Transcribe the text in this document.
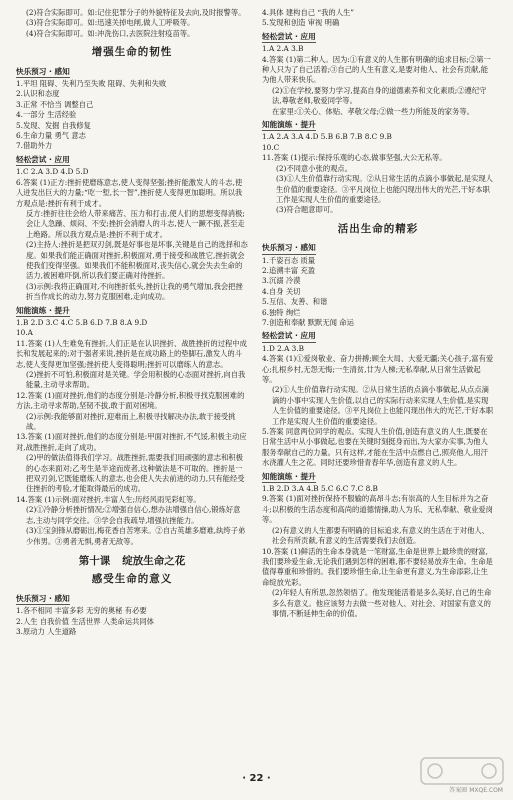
(2)符合实际即可。如:记住犯罪分子的外貌特征及去向,及时报警等。

(3)符合实际即可。如:迅速关掉电闸,做人工呼吸等。

(4)符合实际即可。如:冲洗伤口,去医院注射疫苗等。

增强生命的韧性
快乐预习 · 感知

1.平坦 阻碍、失利乃至失败 阻碍、失利和失败

2.认识和态度

3.正常 不恰当 调整自己

4.一部分 生活经验

5.发现、发掘 自我修复

6.生命力量 勇气 意志

7.借助外力

轻松尝试 · 应用

1.C 2.A 3.D 4.D 5.D

6.答案 (1)正方:挫折使磨练意志,使人变得坚强;挫折能激发人的斗志,使人迸发出巨大的力量;“吃一堑,长一智”,挫折使人变得更加聪明。所以我方观点是:挫折有利于成才。

反方:挫折往往会给人带来痛苦、压力和打击,使人们的思想变得消极;会让人急躁、烦闷、不安;挫折会消磨人的斗志,使人一蹶不振,甚至走上绝路。所以我方观点是:挫折不利于成才。

(2)主持人:挫折是把双刃剑,既是好事也是坏事,关键是自己的选择和态度。如果我们能正确面对挫折,积极面对,勇于接受和战胜它,挫折就会使我们变得坚强。如果我们不能积极面对,丧失信心,就会失去生命的活力,被困难吓倒,所以我们要正确对待挫折。

(3)示例:我将正确面对,不向挫折低头,挫折让我的勇气增加,我会把挫折当作成长的动力,努力克服困难,走向成功。

知能演练 · 提升

1.B 2.D 3.C 4.C 5.B 6.D 7.B 8.A 9.D

10.A

11.答案 (1)人生难免有挫折,人们正是在认识挫折、战胜挫折的过程中成长和发展起来的;对于强者来说,挫折是在成功路上的垫脚石,激发人的斗志,使人变得更加坚强;挫折使人变得聪明;挫折可以磨练人的意志。

(2)挫折不可怕,积极面对是关键。学会用积极的心态面对挫折,向自我能量,主动寻求帮助。

12.答案 (1)面对挫折,他们的态度分别是:冷静分析,积极寻找克服困难的方法,主动寻求帮助,坚韧不拔,敢于面对困境。

(2)示例:我能够面对挫折,迎难而上,积极寻找解决办法,敢于接受挑战。

13.答案 (1)面对挫折,他们的态度分别是:甲面对挫折,不气馁,积极主动应对,战胜挫折,走向了成功。

(2)甲的做法值得我们学习。战胜挫折,需要我们用顽强的意志和积极的心态来面对;乙考生是半途而废者,这种做法是不可取的。挫折是一把双刃剑,它既能磨炼人的意志,也会使人失去前进的动力,只有能经受住挫折的考验,才能取得最后的成功。

14.答案 (1)示例:面对挫折,丰富人生;历经风雨见彩虹等。

(2)①冷静分析挫折情况;②增强自信心,想办法增强自信心,锻炼好意志,主动与同学交往。③学会自我疏导,增强抗挫能力。

(3)①宝剑锋从磨砺出,梅花香自苦寒来。②自古英雄多磨难,纨绔子弟少伟男。③勇者无惧,勇者无敌等。

第十课 绽放生命之花
感受生命的意义
快乐预习 · 感知

1.各不相同 丰富多彩 无穷的奥秘 有必要

2.人生 自我价值 生活世界 人类命运共同体

3.原动力 人生道路

4.具体 建构自己 “我的人生”

5.发现和创造 审视 明确

轻松尝试 · 应用

1.A 2.A 3.B

4.答案 (1)第二种人。因为:①有意义的人生都有明确的追求目标;②第一种人只为了自己活着;③自己的人生有意义,是要对他人、社会有贡献,能为他人带来快乐。

(2)①在学校,要努力学习,提高自身的道德素养和文化素质;②遵纪守法,尊敬老师,敬爱同学等。

在家里:①关心、体贴、孝敬父母;②做一些力所能及的家务等。

知能演练 · 提升

1.A 2.A 3.A 4.D 5.B 6.B 7.B 8.C 9.B

10.C

11.答案 (1)提示:保持乐观的心态,做事坚强,大公无私等。

(2)不同意小张的观点。

(3)①人生价值靠行动实现。②从日常生活的点滴小事做起,是实现人生价值的重要途径。③平凡岗位上也能闪现出伟大的光芒,干好本职工作是实现人生价值的重要途径。

(3)符合题意即可。

活出生命的精彩
快乐预习 · 感知

1.千姿百态 质量

2.追溯丰富 充盈

3.沉溺 冷漠

4.自身 关切

5.互信、友善、和谐

6.独特 绚烂

7.创造和奉献 默默无闻 命运

轻松尝试 · 应用

1.D 2.A 3.B

4.答案 (1)①爱岗敬业、奋力拼搏;顾全大局、大爱无疆;关心孩子,富有爱心;扎根乡村,无怨无悔;一生清贫,廿为人梯;无私奉献,从日常生活做起等。

(2)①人生价值靠行动实现。②从日常生活的点滴小事做起,从点点滴滴的小事中实现人生价值,以自己的实际行动来实现人生价值,是实现人生价值的重要途径。③平凡岗位上也能闪现出伟大的光芒,干好本职工作是实现人生价值的重要途径。

5.答案 同意两位同学的观点。实现人生价值,创造有意义的人生,既要在日常生活中从小事做起,也要在关键时刻挺身而出,为大家办实事,为他人服务奉献自己的力量。只有这样,才能在生活中点燃自己,照亮他人,用汗水浇灌人生之花。同时还要珍惜青春年华,创造有意义的人生。

知能演练 · 提升

1.B 2.D 3.A 4.B 5.C 6.C 7.C 8.B

9.答案 (1)面对挫折保持不服输的高昂斗志;有崇高的人生目标并为之奋斗;以积极的生活态度和高尚的道德情操,助人为乐、无私奉献、敬业爱岗等。

(2)有意义的人生都要有明确的目标追求,有意义的生活在于对他人、社会有所贡献,有意义的生活需要我们去创造。

10.答案 (1)鲜活的生命本身就是一笔财富,生命是世界上最珍贵的财富,我们要珍爱生命,无论我们遇到怎样的困难,都不要轻易放弃生命。生命是值得尊重和珍惜的。我们要珍惜生命,让生命更有意义,为生命添彩,让生命绽放光彩。

(2)年轻人有所思,忽然领悟了。他发现能活着是多么美好,自己的生命多么有意义。他应该努力去做一些对他人、对社会、对国家有意义的事情,不断延伸生命的价值。

· 22 ·
答案圈 MXQE.COM
